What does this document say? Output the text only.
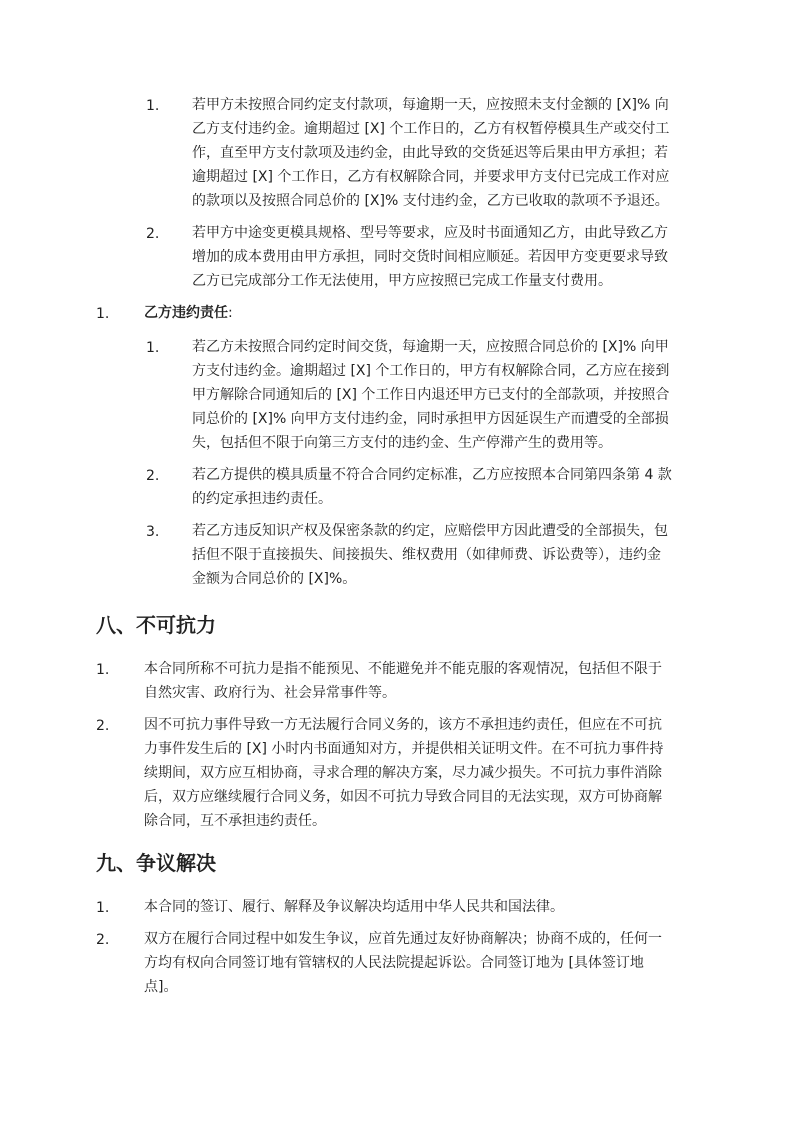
1. 若甲方未按照合同约定支付款项，每逾期一天，应按照未支付金额的 [X]% 向
乙方支付违约金。逾期超过 [X] 个工作日的，乙方有权暂停模具生产或交付工
作，直至甲方支付款项及违约金，由此导致的交货延迟等后果由甲方承担；若
逾期超过 [X] 个工作日，乙方有权解除合同，并要求甲方支付已完成工作对应
的款项以及按照合同总价的 [X]% 支付违约金，乙方已收取的款项不予退还。
2. 若甲方中途变更模具规格、型号等要求，应及时书面通知乙方，由此导致乙方
增加的成本费用由甲方承担，同时交货时间相应顺延。若因甲方变更要求导致
乙方已完成部分工作无法使用，甲方应按照已完成工作量支付费用。
1. 乙方违约责任:
1. 若乙方未按照合同约定时间交货，每逾期一天，应按照合同总价的 [X]% 向甲
方支付违约金。逾期超过 [X] 个工作日的，甲方有权解除合同，乙方应在接到
甲方解除合同通知后的 [X] 个工作日内退还甲方已支付的全部款项，并按照合
同总价的 [X]% 向甲方支付违约金，同时承担甲方因延误生产而遭受的全部损
失，包括但不限于向第三方支付的违约金、生产停滞产生的费用等。
2. 若乙方提供的模具质量不符合合同约定标准，乙方应按照本合同第四条第 4 款
的约定承担违约责任。
3. 若乙方违反知识产权及保密条款的约定，应赔偿甲方因此遭受的全部损失，包
括但不限于直接损失、间接损失、维权费用（如律师费、诉讼费等），违约金
金额为合同总价的 [X]%。
八、不可抗力
1. 本合同所称不可抗力是指不能预见、不能避免并不能克服的客观情况，包括但不限于
自然灾害、政府行为、社会异常事件等。
2. 因不可抗力事件导致一方无法履行合同义务的，该方不承担违约责任，但应在不可抗
力事件发生后的 [X] 小时内书面通知对方，并提供相关证明文件。在不可抗力事件持
续期间，双方应互相协商，寻求合理的解决方案，尽力减少损失。不可抗力事件消除
后，双方应继续履行合同义务，如因不可抗力导致合同目的无法实现，双方可协商解
除合同，互不承担违约责任。
九、争议解决
1. 本合同的签订、履行、解释及争议解决均适用中华人民共和国法律。
2. 双方在履行合同过程中如发生争议，应首先通过友好协商解决；协商不成的，任何一
方均有权向合同签订地有管辖权的人民法院提起诉讼。合同签订地为 [具体签订地
点]。
